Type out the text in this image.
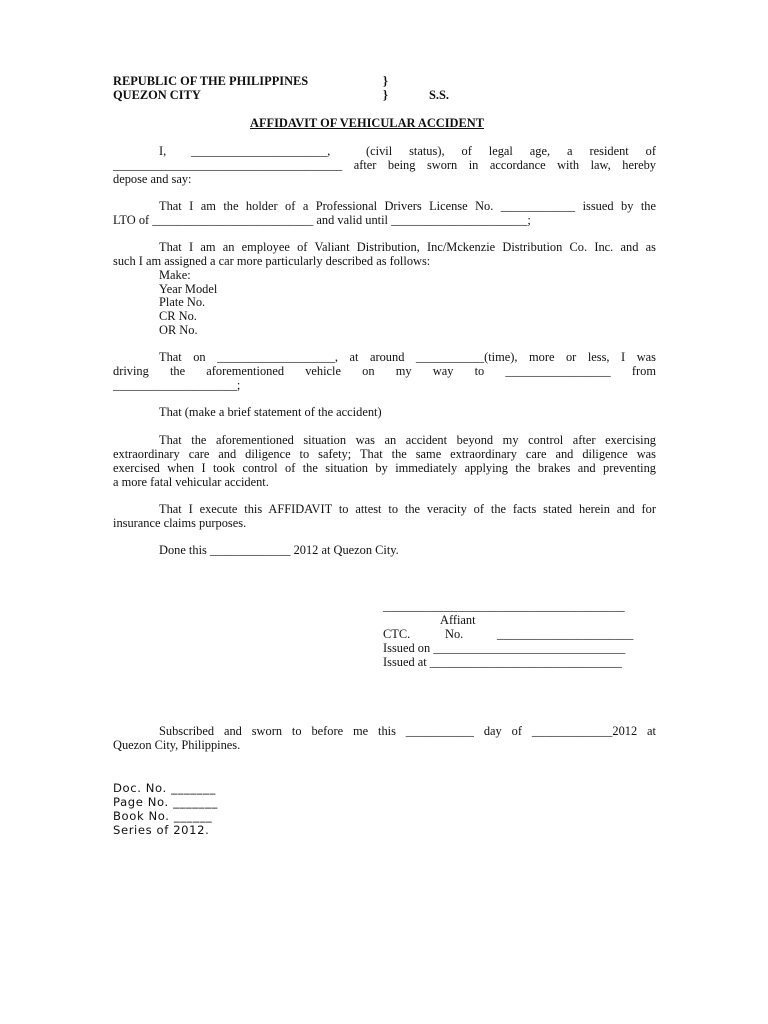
REPUBLIC OF THE PHILIPPINES
QUEZON CITY
}
}	S.S.
AFFIDAVIT OF VEHICULAR ACCIDENT
I, ______________________,	(civil status), of legal age, a resident of
_____________________________________ after being sworn in accordance with law, hereby
depose and say:
That I am the holder of a Professional Drivers License No. ____________ issued by the
LTO of __________________________ and valid until ______________________;
That I am an employee of Valiant Distribution, Inc/Mckenzie Distribution Co. Inc. and as
such I am assigned a car more particularly described as follows:
Make:
Year Model
Plate No.
CR No.
OR No.
That on ___________________, at around ___________(time), more or less, I was
driving the aforementioned vehicle on my way to _________________ from
____________________;
That (make a brief statement of the accident)
That the aforementioned situation was an accident beyond my control after exercising
extraordinary care and diligence to safety; That the same extraordinary care and diligence was
exercised when I took control of the situation by immediately applying the brakes and preventing
a more fatal vehicular accident.
That I execute this AFFIDAVIT to attest to the veracity of the facts stated herein and for
insurance claims purposes.
Done this _____________ 2012 at Quezon City.
_______________________________________
Affiant
CTC.	No.	______________________
Issued on _______________________________
Issued at _______________________________
Subscribed and sworn to before me this ___________ day of _____________2012 at
Quezon City, Philippines.
Doc. No. _______
Page No. _______
Book No. ______
Series of 2012.
